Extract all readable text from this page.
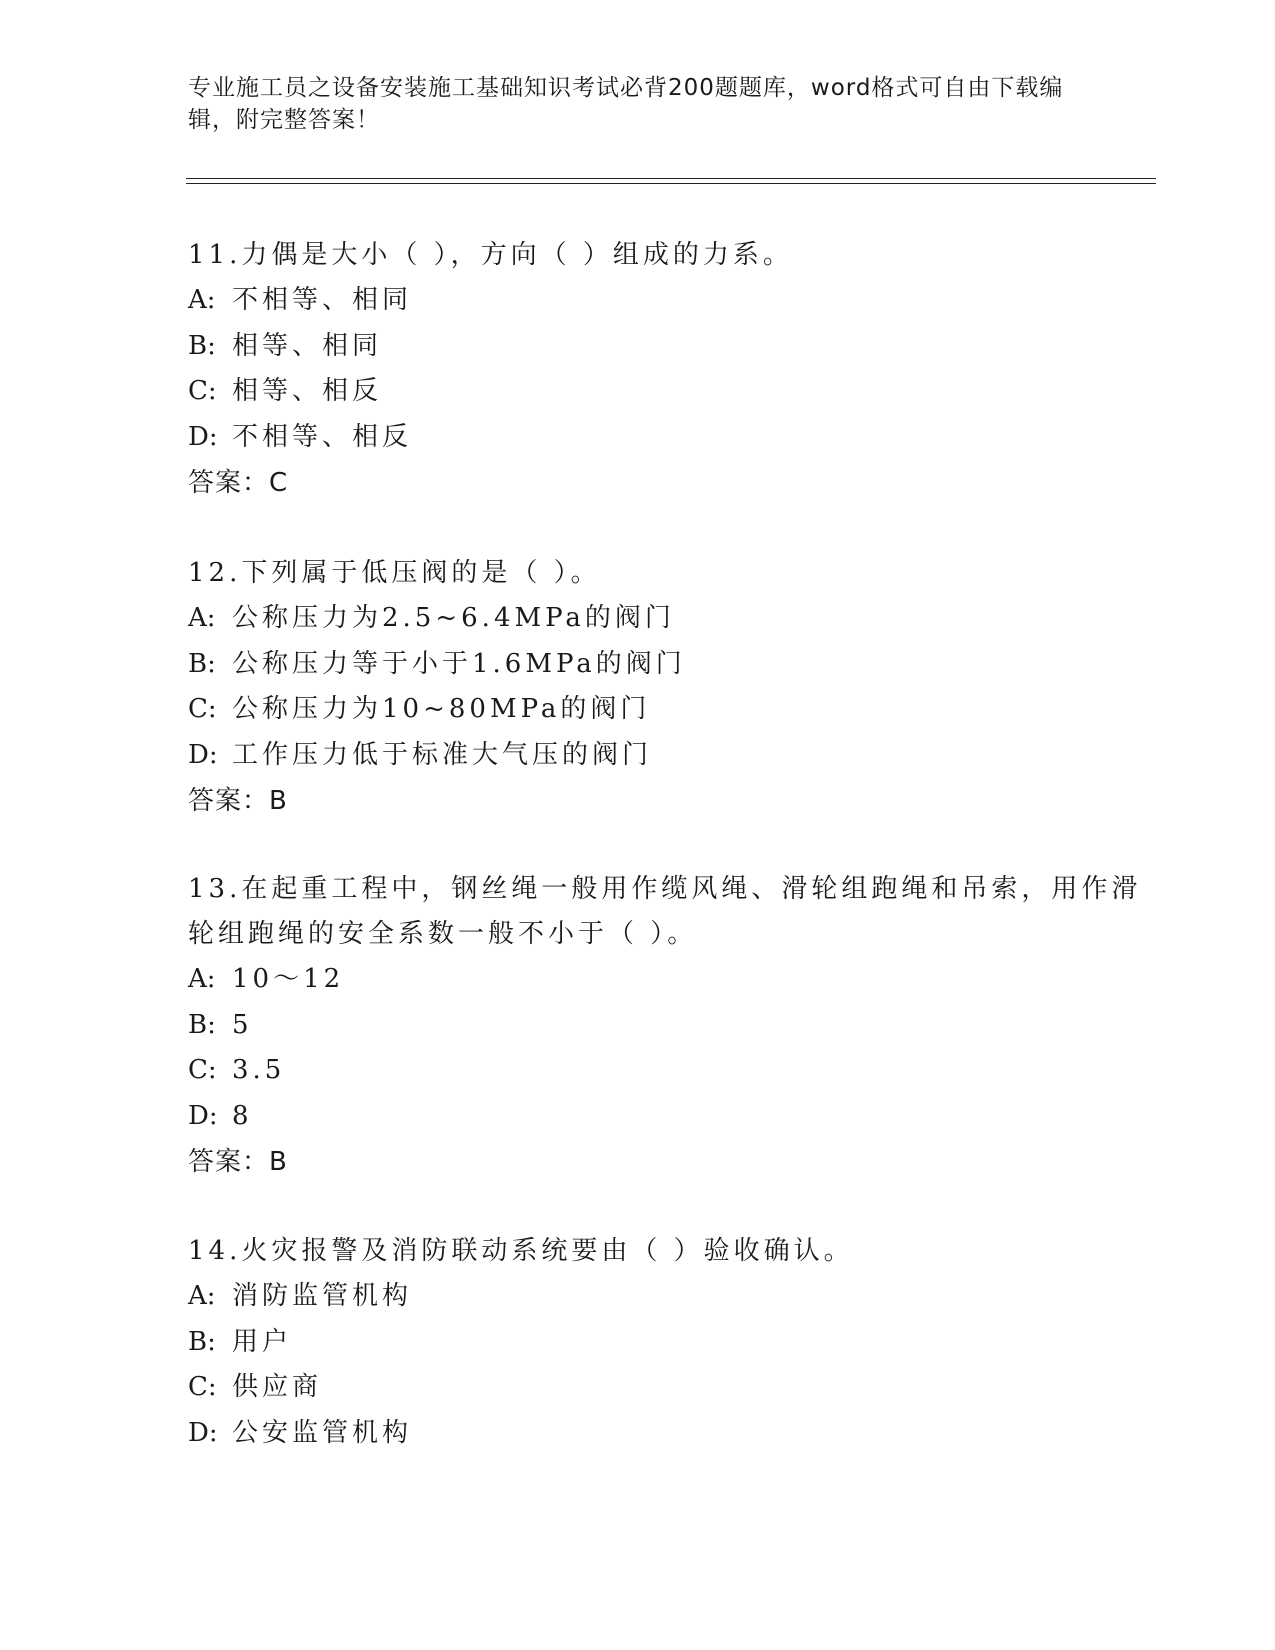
专业施工员之设备安装施工基础知识考试必背200题题库，word格式可自由下载编辑，附完整答案！
11.力偶是大小（ ），方向（ ）组成的力系。
A: 不相等、相同
B: 相等、相同
C: 相等、相反
D: 不相等、相反
答案：C
12.下列属于低压阀的是（ ）。
A: 公称压力为2.5~6.4MPa的阀门
B: 公称压力等于小于1.6MPa的阀门
C: 公称压力为10~80MPa的阀门
D: 工作压力低于标准大气压的阀门
答案：B
13.在起重工程中，钢丝绳一般用作缆风绳、滑轮组跑绳和吊索，用作滑轮组跑绳的安全系数一般不小于（ ）。
A: 10～12
B: 5
C: 3.5
D: 8
答案：B
14.火灾报警及消防联动系统要由（ ）验收确认。
A: 消防监管机构
B: 用户
C: 供应商
D: 公安监管机构
